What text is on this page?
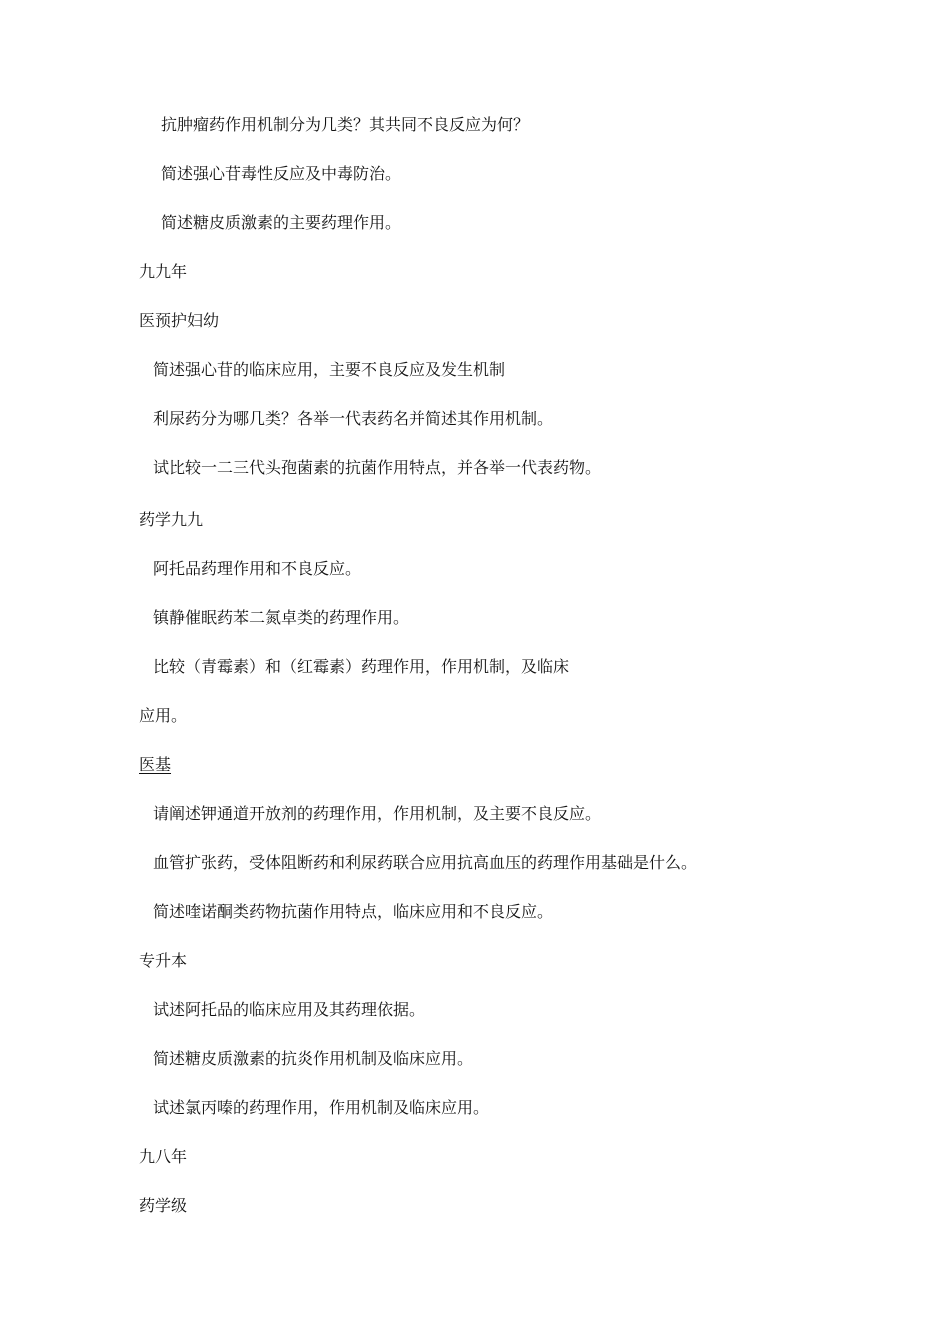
抗肿瘤药作用机制分为几类？其共同不良反应为何？
简述强心苷毒性反应及中毒防治。
简述糖皮质激素的主要药理作用。
九九年
医预护妇幼
简述强心苷的临床应用，主要不良反应及发生机制
利尿药分为哪几类？各举一代表药名并简述其作用机制。
试比较一二三代头孢菌素的抗菌作用特点，并各举一代表药物。
药学九九
阿托品药理作用和不良反应。
镇静催眠药苯二氮卓类的药理作用。
比较（青霉素）和（红霉素）药理作用，作用机制，及临床
应用。
医基
请阐述钾通道开放剂的药理作用，作用机制，及主要不良反应。
血管扩张药，受体阻断药和利尿药联合应用抗高血压的药理作用基础是什么。
简述喹诺酮类药物抗菌作用特点，临床应用和不良反应。
专升本
试述阿托品的临床应用及其药理依据。
简述糖皮质激素的抗炎作用机制及临床应用。
试述氯丙嗪的药理作用，作用机制及临床应用。
九八年
药学级
